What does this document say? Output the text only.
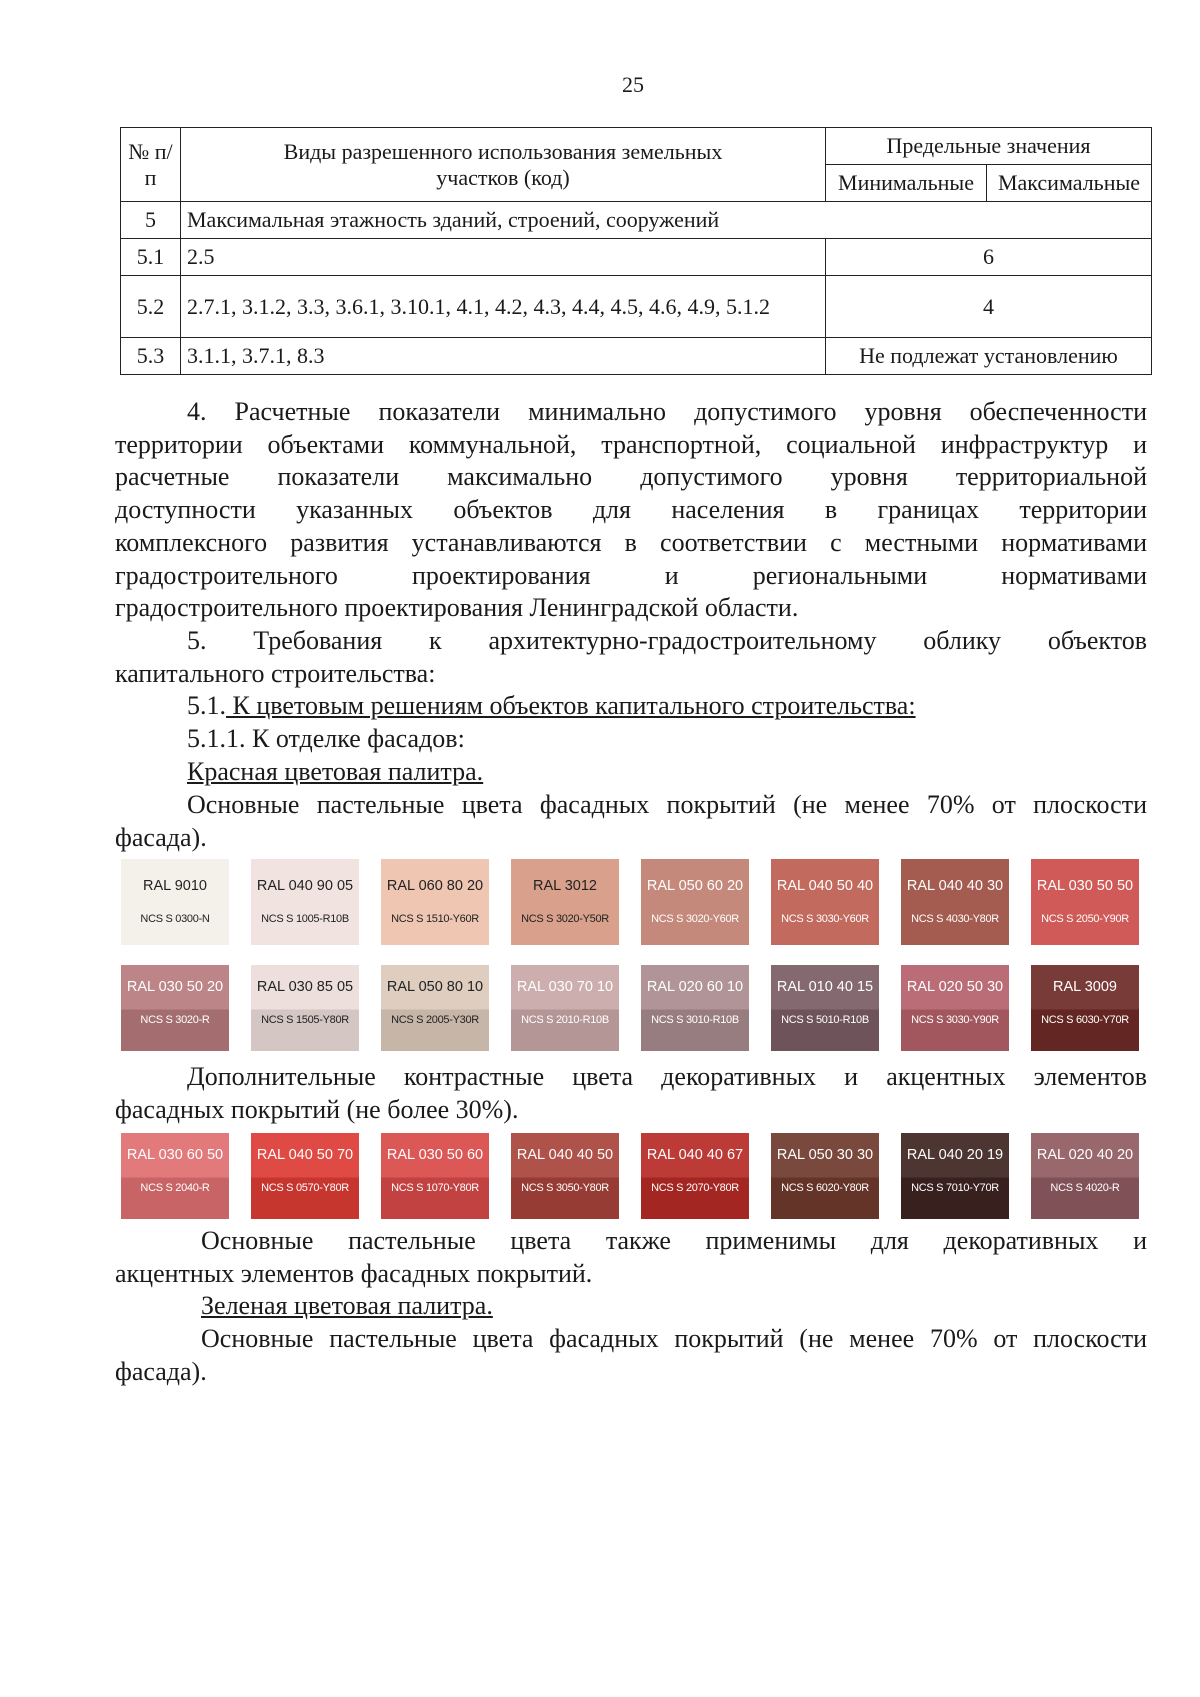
25
№ п/п	Виды разрешенного использования земельных участков (код)	Предельные значения	
		Минимальные	Максимальные
5	Максимальная этажность зданий, строений, сооружений		
5.1	2.5	6	
5.2	2.7.1, 3.1.2, 3.3, 3.6.1, 3.10.1, 4.1, 4.2, 4.3, 4.4, 4.5, 4.6, 4.9, 5.1.2	4	
5.3	3.1.1, 3.7.1, 8.3	Не подлежат установлению	

4. Расчетные показатели минимально допустимого уровня обеспеченности

территории объектами коммунальной, транспортной, социальной инфраструктур и

расчетные показатели максимально допустимого уровня территориальной

доступности указанных объектов для населения в границах территории

комплексного развития устанавливаются в соответствии с местными нормативами

градостроительного проектирования и региональными нормативами

градостроительного проектирования Ленинградской области.

5. Требования к архитектурно-градостроительному облику объектов

капитального строительства:

5.1. К цветовым решениям объектов капитального строительства:

5.1.1. К отделке фасадов:

Красная цветовая палитра.

Основные пастельные цвета фасадных покрытий (не менее 70% от плоскости

фасада).

RAL 9010
NCS S 0300-N
RAL 040 90 05
NCS S 1005-R10B
RAL 060 80 20
NCS S 1510-Y60R
RAL 3012
NCS S 3020-Y50R
RAL 050 60 20
NCS S 3020-Y60R
RAL 040 50 40
NCS S 3030-Y60R
RAL 040 40 30
NCS S 4030-Y80R
RAL 030 50 50
NCS S 2050-Y90R
RAL 030 50 20
NCS S 3020-R
RAL 030 85 05
NCS S 1505-Y80R
RAL 050 80 10
NCS S 2005-Y30R
RAL 030 70 10
NCS S 2010-R10B
RAL 020 60 10
NCS S 3010-R10B
RAL 010 40 15
NCS S 5010-R10B
RAL 020 50 30
NCS S 3030-Y90R
RAL 3009
NCS S 6030-Y70R

Дополнительные контрастные цвета декоративных и акцентных элементов

фасадных покрытий (не более 30%).

RAL 030 60 50
NCS S 2040-R
RAL 040 50 70
NCS S 0570-Y80R
RAL 030 50 60
NCS S 1070-Y80R
RAL 040 40 50
NCS S 3050-Y80R
RAL 040 40 67
NCS S 2070-Y80R
RAL 050 30 30
NCS S 6020-Y80R
RAL 040 20 19
NCS S 7010-Y70R
RAL 020 40 20
NCS S 4020-R

Основные пастельные цвета также применимы для декоративных и

акцентных элементов фасадных покрытий.

Зеленая цветовая палитра.

Основные пастельные цвета фасадных покрытий (не менее 70% от плоскости

фасада).
